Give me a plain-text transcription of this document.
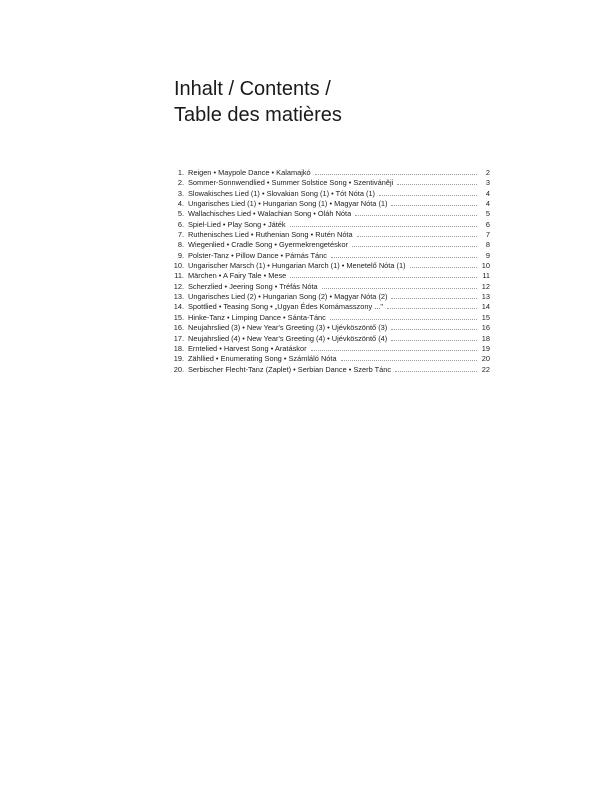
Inhalt / Contents /
Table des matières
1. Reigen • Maypole Dance • Kalamajkó	2
2. Sommer-Sonnwendlied • Summer Solstice Song • Szentiváněji	3
3. Slowakisches Lied (1) • Slovakian Song (1) • Tót Nóta (1)	4
4. Ungarisches Lied (1) • Hungarian Song (1) • Magyar Nóta (1)	4
5. Wallachisches Lied • Walachian Song • Oláh Nóta	5
6. Spiel-Lied • Play Song • Játék	6
7. Ruthenisches Lied • Ruthenian Song • Rutén Nóta	7
8. Wiegenlied • Cradle Song • Gyermekrengetéskor	8
9. Polster-Tanz • Pillow Dance • Párnás Tánc	9
10. Ungarischer Marsch (1) • Hungarian March (1) • Menetelő Nóta (1)	10
11. Märchen • A Fairy Tale • Mese	11
12. Scherzlied • Jeering Song • Tréfás Nóta	12
13. Ungarisches Lied (2) • Hungarian Song (2) • Magyar Nóta (2)	13
14. Spottlied • Teasing Song • „Ugyan Édes Komámasszony ..."	14
15. Hinke-Tanz • Limping Dance • Sánta-Tánc	15
16. Neujahrslied (3) • New Year's Greeting (3) • Ujévköszöntő (3)	16
17. Neujahrslied (4) • New Year's Greeting (4) • Ujévköszöntő (4)	18
18. Erntelied • Harvest Song • Aratáskor	19
19. Zähllied • Enumerating Song • Számláló Nóta	20
20. Serbischer Flecht-Tanz (Zaplet) • Serbian Dance • Szerb Tánc	22
